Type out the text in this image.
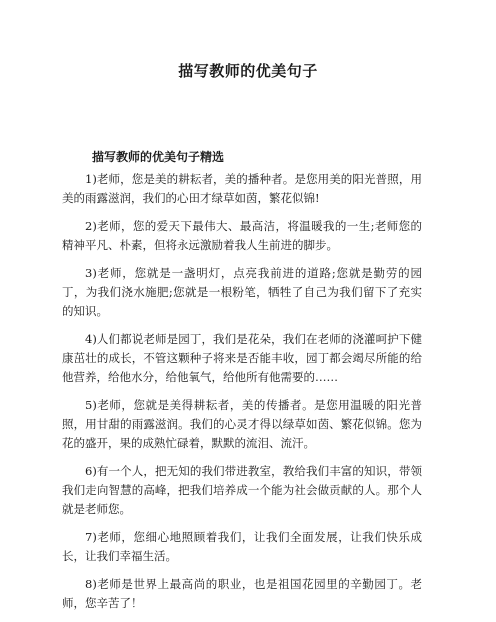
描写教师的优美句子
描写教师的优美句子精选

1)老师，您是美的耕耘者，美的播种者。是您用美的阳光普照，用美的雨露滋润，我们的心田才绿草如茵，繁花似锦!

2)老师，您的爱天下最伟大、最高洁，将温暖我的一生;老师您的精神平凡、朴素，但将永远激励着我人生前进的脚步。

3)老师，您就是一盏明灯，点亮我前进的道路;您就是勤劳的园丁，为我们浇水施肥;您就是一根粉笔，牺牲了自己为我们留下了充实的知识。

4)人们都说老师是园丁，我们是花朵，我们在老师的浇灌呵护下健康茁壮的成长，不管这颗种子将来是否能丰收，园丁都会竭尽所能的给他营养，给他水分，给他氧气，给他所有他需要的……

5)老师，您就是美得耕耘者，美的传播者。是您用温暖的阳光普照，用甘甜的雨露滋润。我们的心灵才得以绿草如茵、繁花似锦。您为花的盛开，果的成熟忙碌着，默默的流泪、流汗。

6)有一个人，把无知的我们带进教室，教给我们丰富的知识，带领我们走向智慧的高峰，把我们培养成一个能为社会做贡献的人。那个人就是老师您。

7)老师，您细心地照顾着我们，让我们全面发展，让我们快乐成长，让我们幸福生活。

8)老师是世界上最高尚的职业，也是祖国花园里的辛勤园丁。老师，您辛苦了！
